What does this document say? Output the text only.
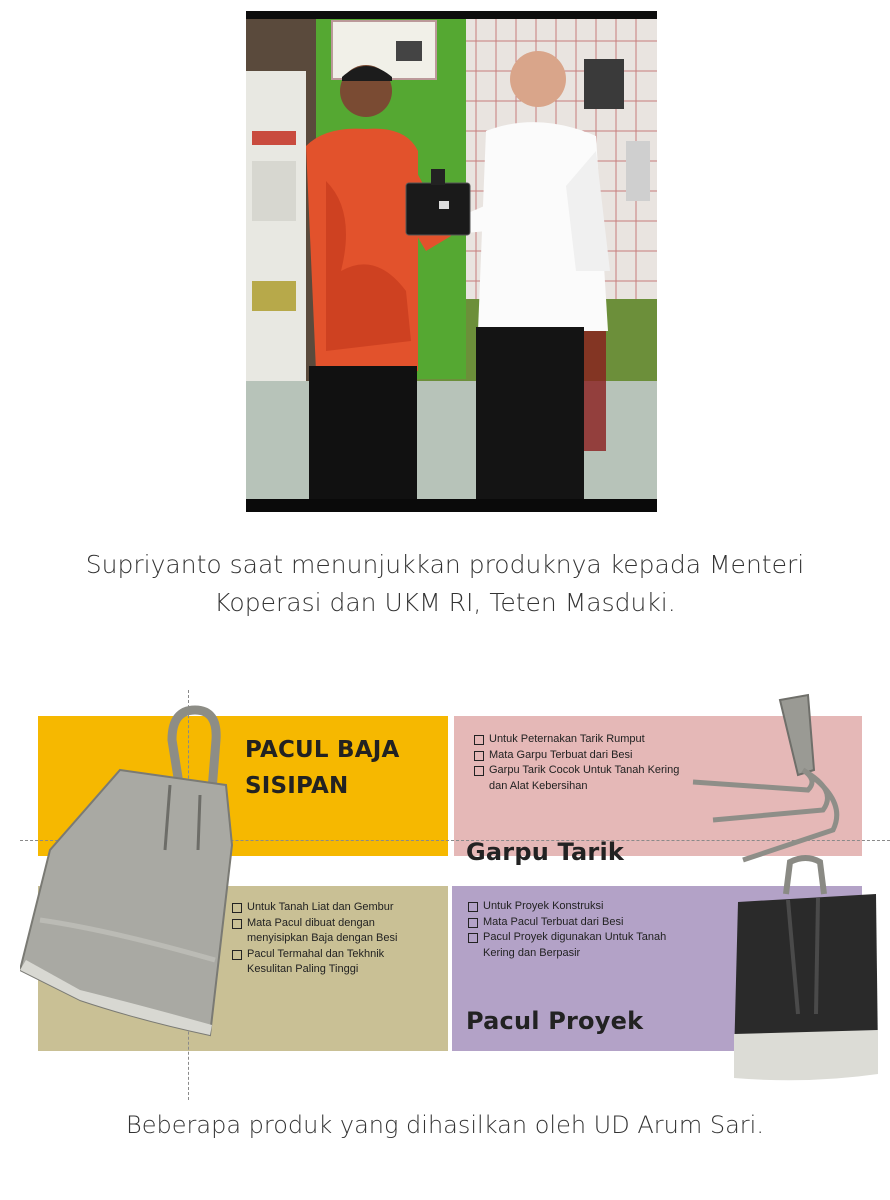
Supriyanto saat menunjukkan produknya kepada Menteri
Koperasi dan UKM RI, Teten Masduki.
PACUL BAJA
SISIPAN
Garpu Tarik
Pacul Proyek
Untuk Peternakan Tarik Rumput
Mata Garpu Terbuat dari Besi
Garpu Tarik Cocok Untuk Tanah Kering dan Alat Kebersihan
Untuk Tanah Liat dan Gembur
Mata Pacul dibuat dengan menyisipkan Baja dengan Besi
Pacul Termahal dan Tekhnik Kesulitan Paling Tinggi
Untuk Proyek Konstruksi
Mata Pacul Terbuat dari Besi
Pacul Proyek digunakan Untuk Tanah Kering dan Berpasir
Beberapa produk yang dihasilkan oleh UD Arum Sari.
